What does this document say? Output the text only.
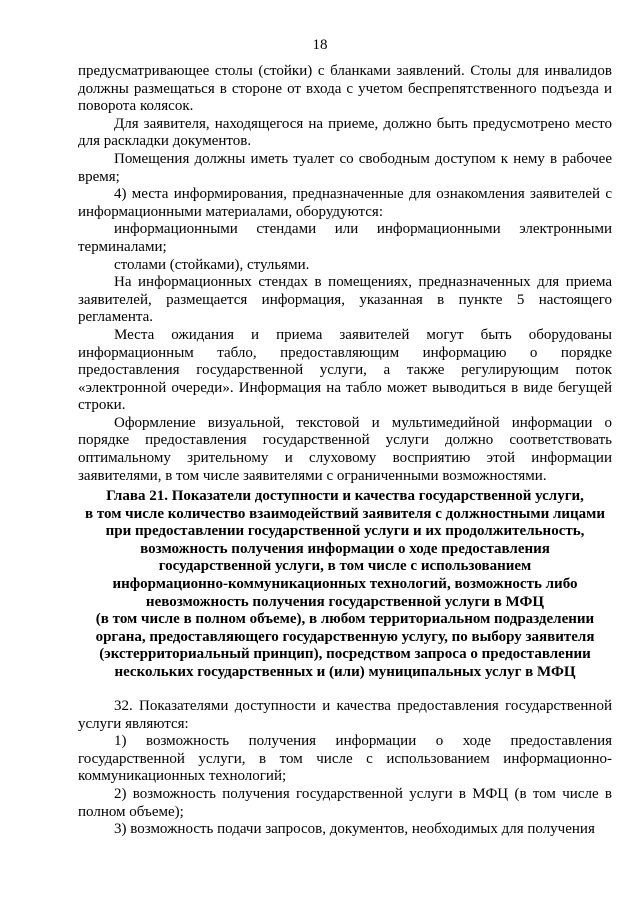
18

предусматривающее столы (стойки) с бланками заявлений. Столы для инвалидов должны размещаться в стороне от входа с учетом беспрепятственного подъезда и поворота колясок.

Для заявителя, находящегося на приеме, должно быть предусмотрено место для раскладки документов.

Помещения должны иметь туалет со свободным доступом к нему в рабочее время;

4) места информирования, предназначенные для ознакомления заявителей с информационными материалами, оборудуются:

информационными стендами или информационными электронными терминалами;

столами (стойками), стульями.

На информационных стендах в помещениях, предназначенных для приема заявителей, размещается информация, указанная в пункте 5 настоящего регламента.

Места ожидания и приема заявителей могут быть оборудованы информационным табло, предоставляющим информацию о порядке предоставления государственной услуги, а также регулирующим поток «электронной очереди». Информация на табло может выводиться в виде бегущей строки.

Оформление визуальной, текстовой и мультимедийной информации о порядке предоставления государственной услуги должно соответствовать оптимальному зрительному и слуховому восприятию этой информации заявителями, в том числе заявителями с ограниченными возможностями.

Глава 21. Показатели доступности и качества государственной услуги,

в том числе количество взаимодействий заявителя с должностными лицами

при предоставлении государственной услуги и их продолжительность,

возможность получения информации о ходе предоставления

государственной услуги, в том числе с использованием

информационно-коммуникационных технологий, возможность либо

невозможность получения государственной услуги в МФЦ

(в том числе в полном объеме), в любом территориальном подразделении

органа, предоставляющего государственную услугу, по выбору заявителя

(экстерриториальный принцип), посредством запроса о предоставлении

нескольких государственных и (или) муниципальных услуг в МФЦ

32. Показателями доступности и качества предоставления государственной услуги являются:

1) возможность получения информации о ходе предоставления государственной услуги, в том числе с использованием информационно-коммуникационных технологий;

2) возможность получения государственной услуги в МФЦ (в том числе в полном объеме);

3) возможность подачи запросов, документов, необходимых для получения
